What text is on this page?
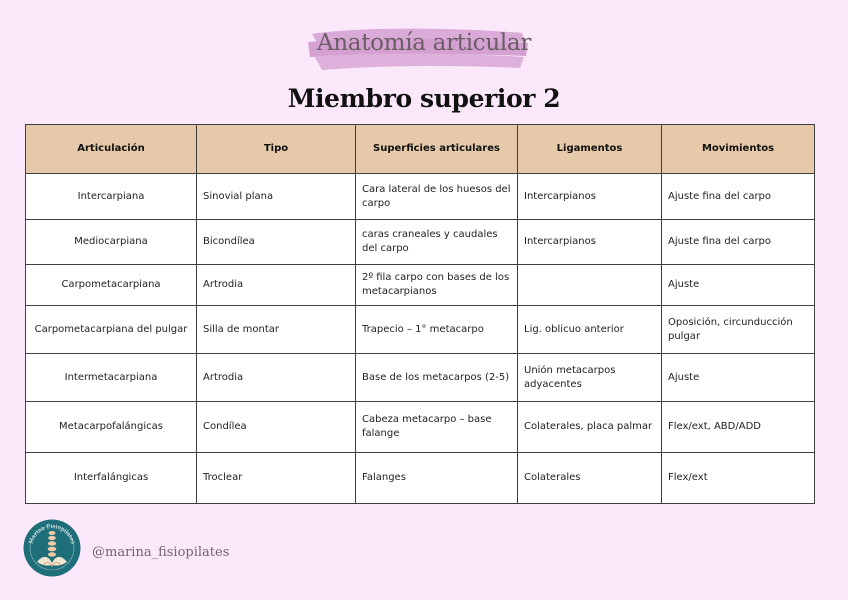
Anatomía articular
Miembro superior 2
Articulación	Tipo	Superficies articulares	Ligamentos	Movimientos
Intercarpiana	Sinovial plana	Cara lateral de los huesos del carpo	Intercarpianos	Ajuste fina del carpo
Mediocarpiana	Bicondílea	caras craneales y caudales del carpo	Intercarpianos	Ajuste fina del carpo
Carpometacarpiana	Artrodia	2º fila carpo con bases de los metacarpianos		Ajuste
Carpometacarpiana del pulgar	Silla de montar	Trapecio – 1° metacarpo	Lig. oblicuo anterior	Oposición, circunducción pulgar
Intermetacarpiana	Artrodia	Base de los metacarpos (2-5)	Unión metacarpos adyacentes	Ajuste
Metacarpofalángicas	Condílea	Cabeza metacarpo – base falange	Colaterales, placa palmar	Flex/ext, ABD/ADD
Interfalángicas	Troclear	Falanges	Colaterales	Flex/ext
Marina Fisiopilates
@marina_fisiopilates
